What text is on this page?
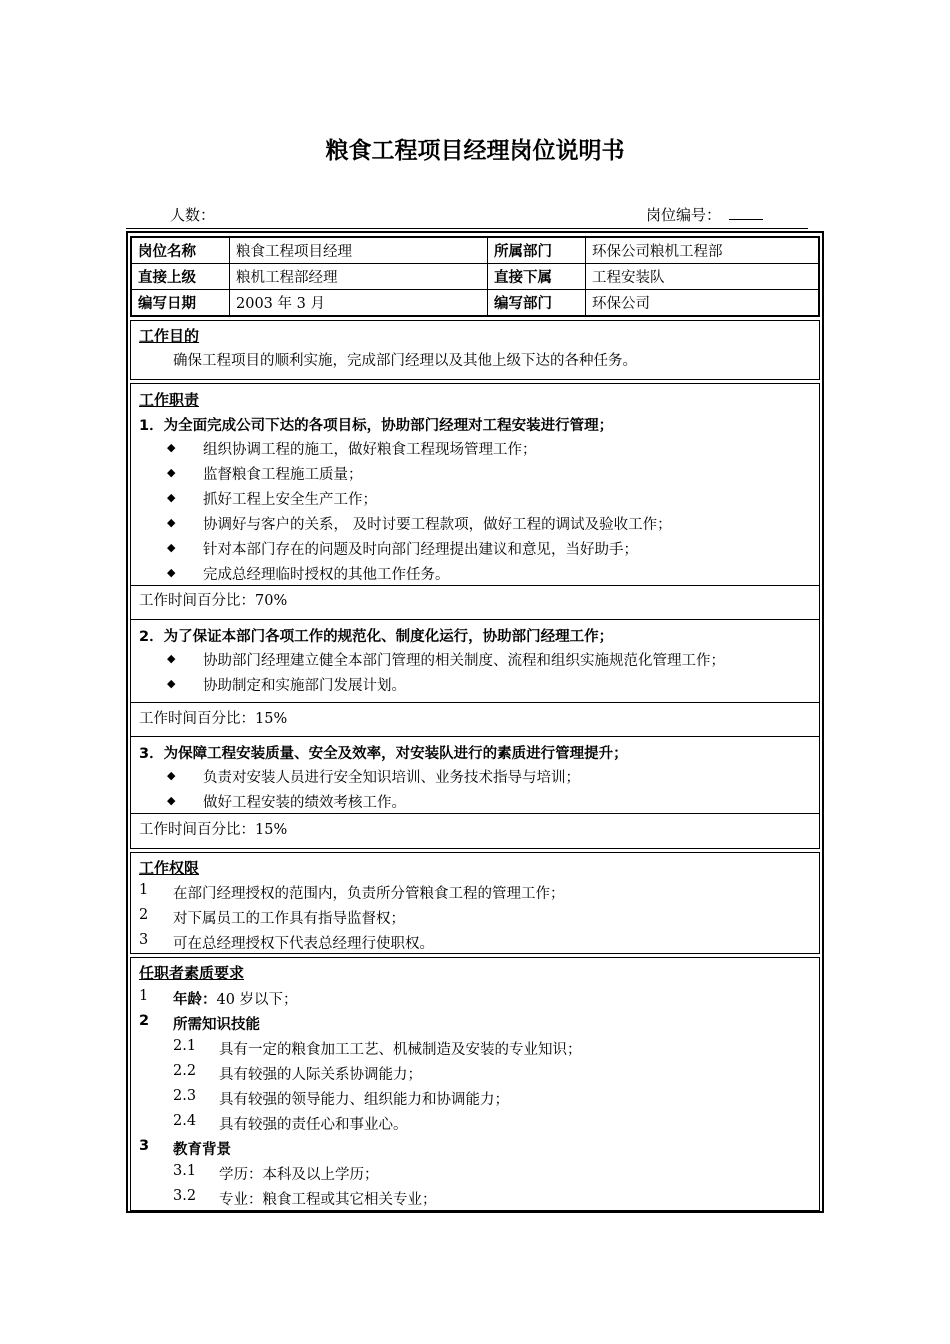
粮食工程项目经理岗位说明书
人数：	岗位编号：
岗位名称	粮食工程项目经理	所属部门	环保公司粮机工程部
直接上级	粮机工程部经理	直接下属	工程安装队
编写日期	2003 年 3 月	编写部门	环保公司
工作目的
确保工程项目的顺利实施，完成部门经理以及其他上级下达的各种任务。
工作职责
1．为全面完成公司下达的各项目标，协助部门经理对工程安装进行管理；
◆ 组织协调工程的施工，做好粮食工程现场管理工作；
◆ 监督粮食工程施工质量；
◆ 抓好工程上安全生产工作；
◆ 协调好与客户的关系， 及时讨要工程款项，做好工程的调试及验收工作；
◆ 针对本部门存在的问题及时向部门经理提出建议和意见，当好助手；
◆ 完成总经理临时授权的其他工作任务。
工作时间百分比：70%
2．为了保证本部门各项工作的规范化、制度化运行，协助部门经理工作；
◆ 协助部门经理建立健全本部门管理的相关制度、流程和组织实施规范化管理工作；
◆ 协助制定和实施部门发展计划。
工作时间百分比：15%
3．为保障工程安装质量、安全及效率，对安装队进行的素质进行管理提升；
◆ 负责对安装人员进行安全知识培训、业务技术指导与培训；
◆ 做好工程安装的绩效考核工作。
工作时间百分比：15%
工作权限
1 在部门经理授权的范围内，负责所分管粮食工程的管理工作；
2 对下属员工的工作具有指导监督权；
3 可在总经理授权下代表总经理行使职权。
任职者素质要求
1 年龄：40 岁以下；
2 所需知识技能
2.1 具有一定的粮食加工工艺、机械制造及安装的专业知识；
2.2 具有较强的人际关系协调能力；
2.3 具有较强的领导能力、组织能力和协调能力；
2.4 具有较强的责任心和事业心。
3 教育背景
3.1 学历：本科及以上学历；
3.2 专业：粮食工程或其它相关专业；
